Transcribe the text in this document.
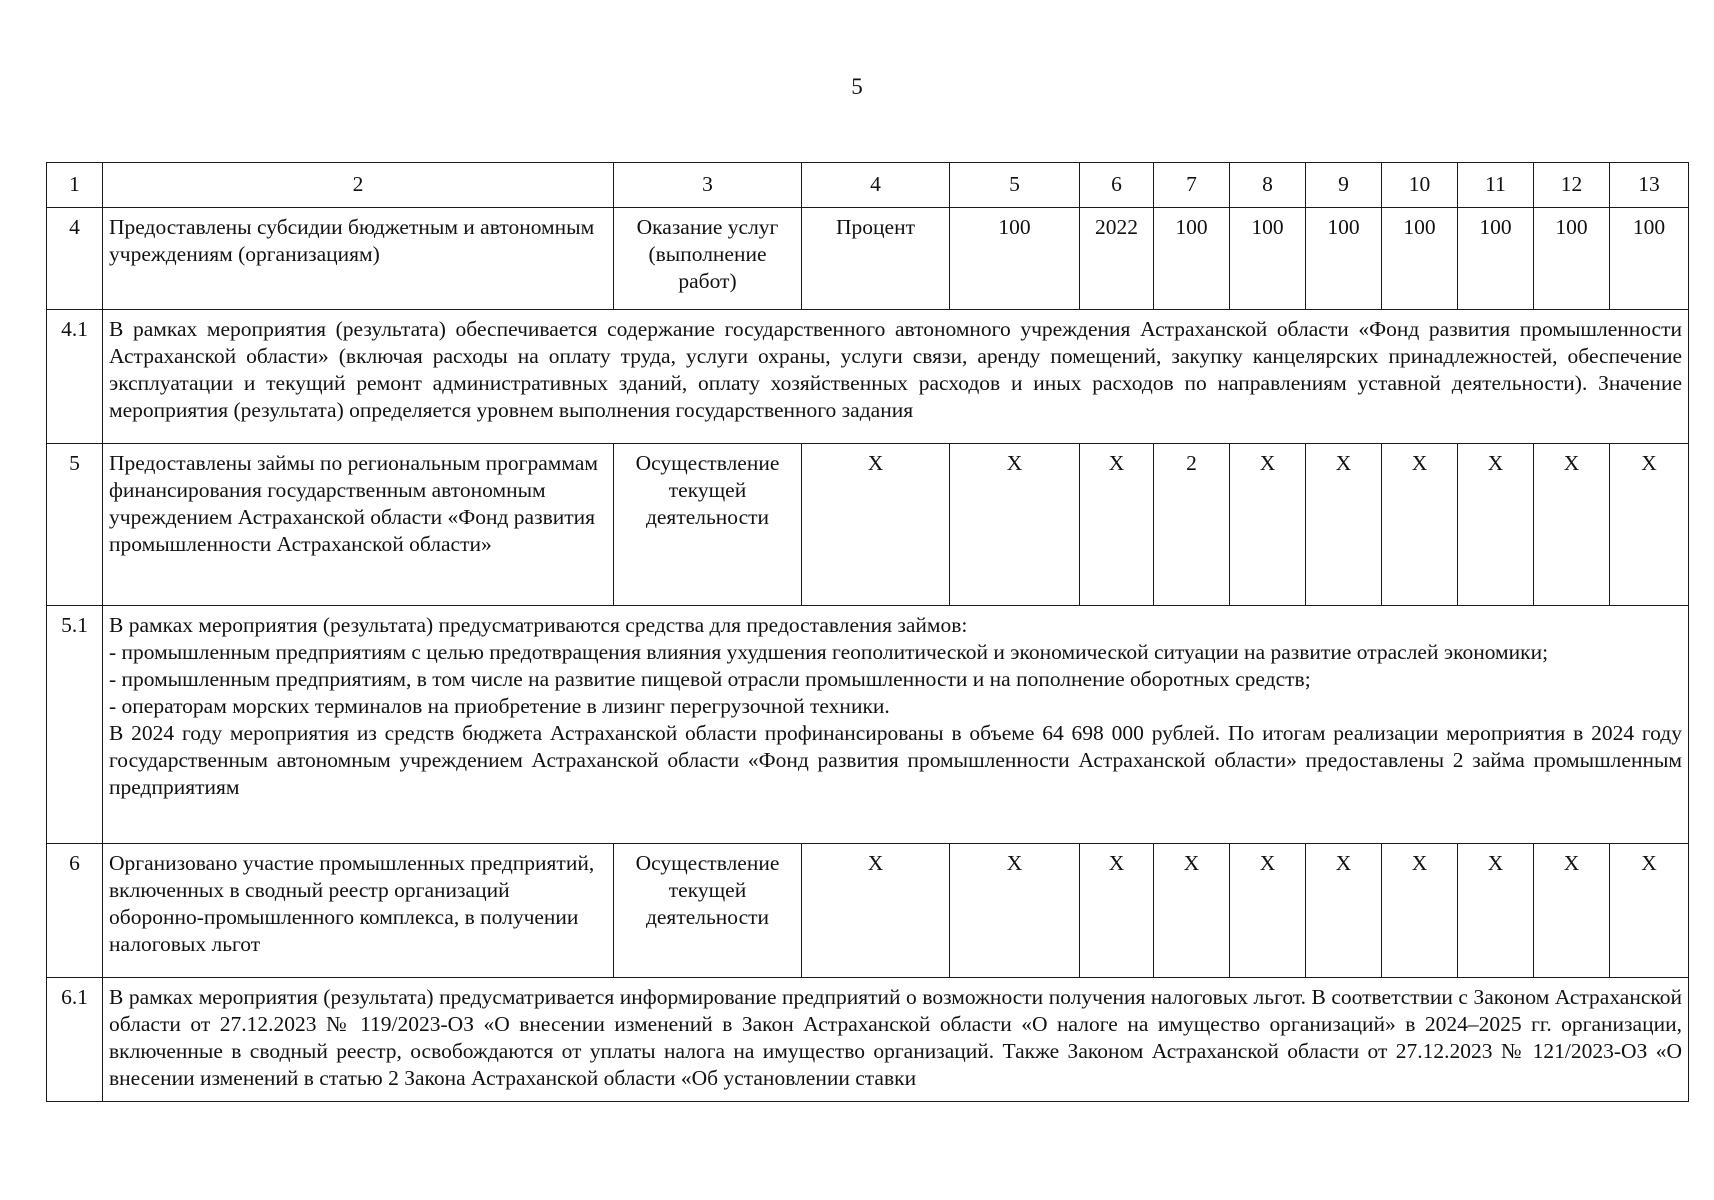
5
1	2	3	4	5	6	7	8	9	10	11	12	13
4	Предоставлены субсидии бюджетным и автономным учреждениям (организациям)	Оказание услуг (выполнение работ)	Процент	100	2022	100	100	100	100	100	100	100
4.1	В рамках мероприятия (результата) обеспечивается содержание государственного автономного учреждения Астраханской области «Фонд развития промышленности Астраханской области» (включая расходы на оплату труда, услуги охраны, услуги связи, аренду помещений, закупку канцелярских принадлежностей, обеспечение эксплуатации и текущий ремонт административных зданий, оплату хозяйственных расходов и иных расходов по направлениям уставной деятельности). Значение мероприятия (результата) определяется уровнем выполнения государственного задания											
5	Предоставлены займы по региональным программам финансирования государственным автономным учреждением Астраханской области «Фонд развития промышленности Астраханской области»	Осуществление текущей деятельности	X	X	X	2	X	X	X	X	X	X
5.1	В рамках мероприятия (результата) предусматриваются средства для предоставления займов:
- промышленным предприятиям с целью предотвращения влияния ухудшения геополитической и экономической ситуации на развитие отраслей экономики;
- промышленным предприятиям, в том числе на развитие пищевой отрасли промышленности и на пополнение оборотных средств;
- операторам морских терминалов на приобретение в лизинг перегрузочной техники.
В 2024 году мероприятия из средств бюджета Астраханской области профинансированы в объеме 64 698 000 рублей. По итогам реализации мероприятия в 2024 году государственным автономным учреждением Астраханской области «Фонд развития промышленности Астраханской области» предоставлены 2 займа промышленным предприятиям											

6	Организовано участие промышленных предприятий, включенных в сводный реестр организаций оборонно-промышленного комплекса, в получении налоговых льгот	Осуществление текущей деятельности	X	X	X	X	X	X	X	X	X	X
6.1	В рамках мероприятия (результата) предусматривается информирование предприятий о возможности получения налоговых льгот. В соответствии с Законом Астраханской области от 27.12.2023 № 119/2023-ОЗ «О внесении изменений в Закон Астраханской области «О налоге на имущество организаций» в 2024–2025 гг. организации, включенные в сводный реестр, освобождаются от уплаты налога на имущество организаций. Также Законом Астраханской области от 27.12.2023 № 121/2023-ОЗ «О внесении изменений в статью 2 Закона Астраханской области «Об установлении ставки											
